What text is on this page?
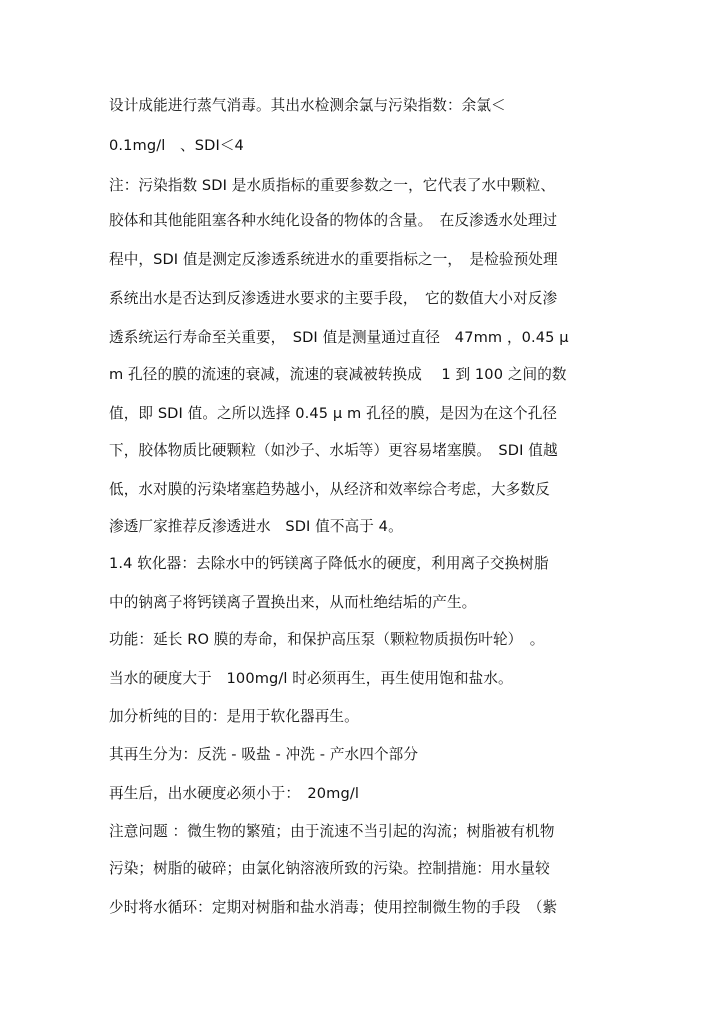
设计成能进行蒸气消毒。其出水检测余氯与污染指数：余氯＜
0.1mg/l　、SDI＜4
注：污染指数 SDI 是水质指标的重要参数之一，它代表了水中颗粒、
胶体和其他能阻塞各种水纯化设备的物体的含量。　在反渗透水处理过
程中，SDI 值是测定反渗透系统进水的重要指标之一，　是检验预处理
系统出水是否达到反渗透进水要求的主要手段，　它的数值大小对反渗
透系统运行寿命至关重要，　SDI 值是测量通过直径　47mm ，0.45 μ
m 孔径的膜的流速的衰减，流速的衰减被转换成　 1 到 100 之间的数
值，即 SDI 值。之所以选择 0.45 μ m 孔径的膜，是因为在这个孔径
下，胶体物质比硬颗粒（如沙子、水垢等）更容易堵塞膜。　SDI 值越
低，水对膜的污染堵塞趋势越小，从经济和效率综合考虑，大多数反
渗透厂家推荐反渗透进水　SDI 值不高于 4。
1.4 软化器：去除水中的钙镁离子降低水的硬度，利用离子交换树脂
中的钠离子将钙镁离子置换出来，从而杜绝结垢的产生。
功能：延长 RO 膜的寿命，和保护高压泵（颗粒物质损伤叶轮）　。
当水的硬度大于　100mg/l 时必须再生，再生使用饱和盐水。
加分析纯的目的：是用于软化器再生。
其再生分为：反洗 - 吸盐 - 冲洗 - 产水四个部分
再生后，出水硬度必须小于：　20mg/l
注意问题 ：微生物的繁殖；由于流速不当引起的沟流；树脂被有机物
污染；树脂的破碎；由氯化钠溶液所致的污染。控制措施：用水量较
少时将水循环：定期对树脂和盐水消毒；使用控制微生物的手段　（紫
